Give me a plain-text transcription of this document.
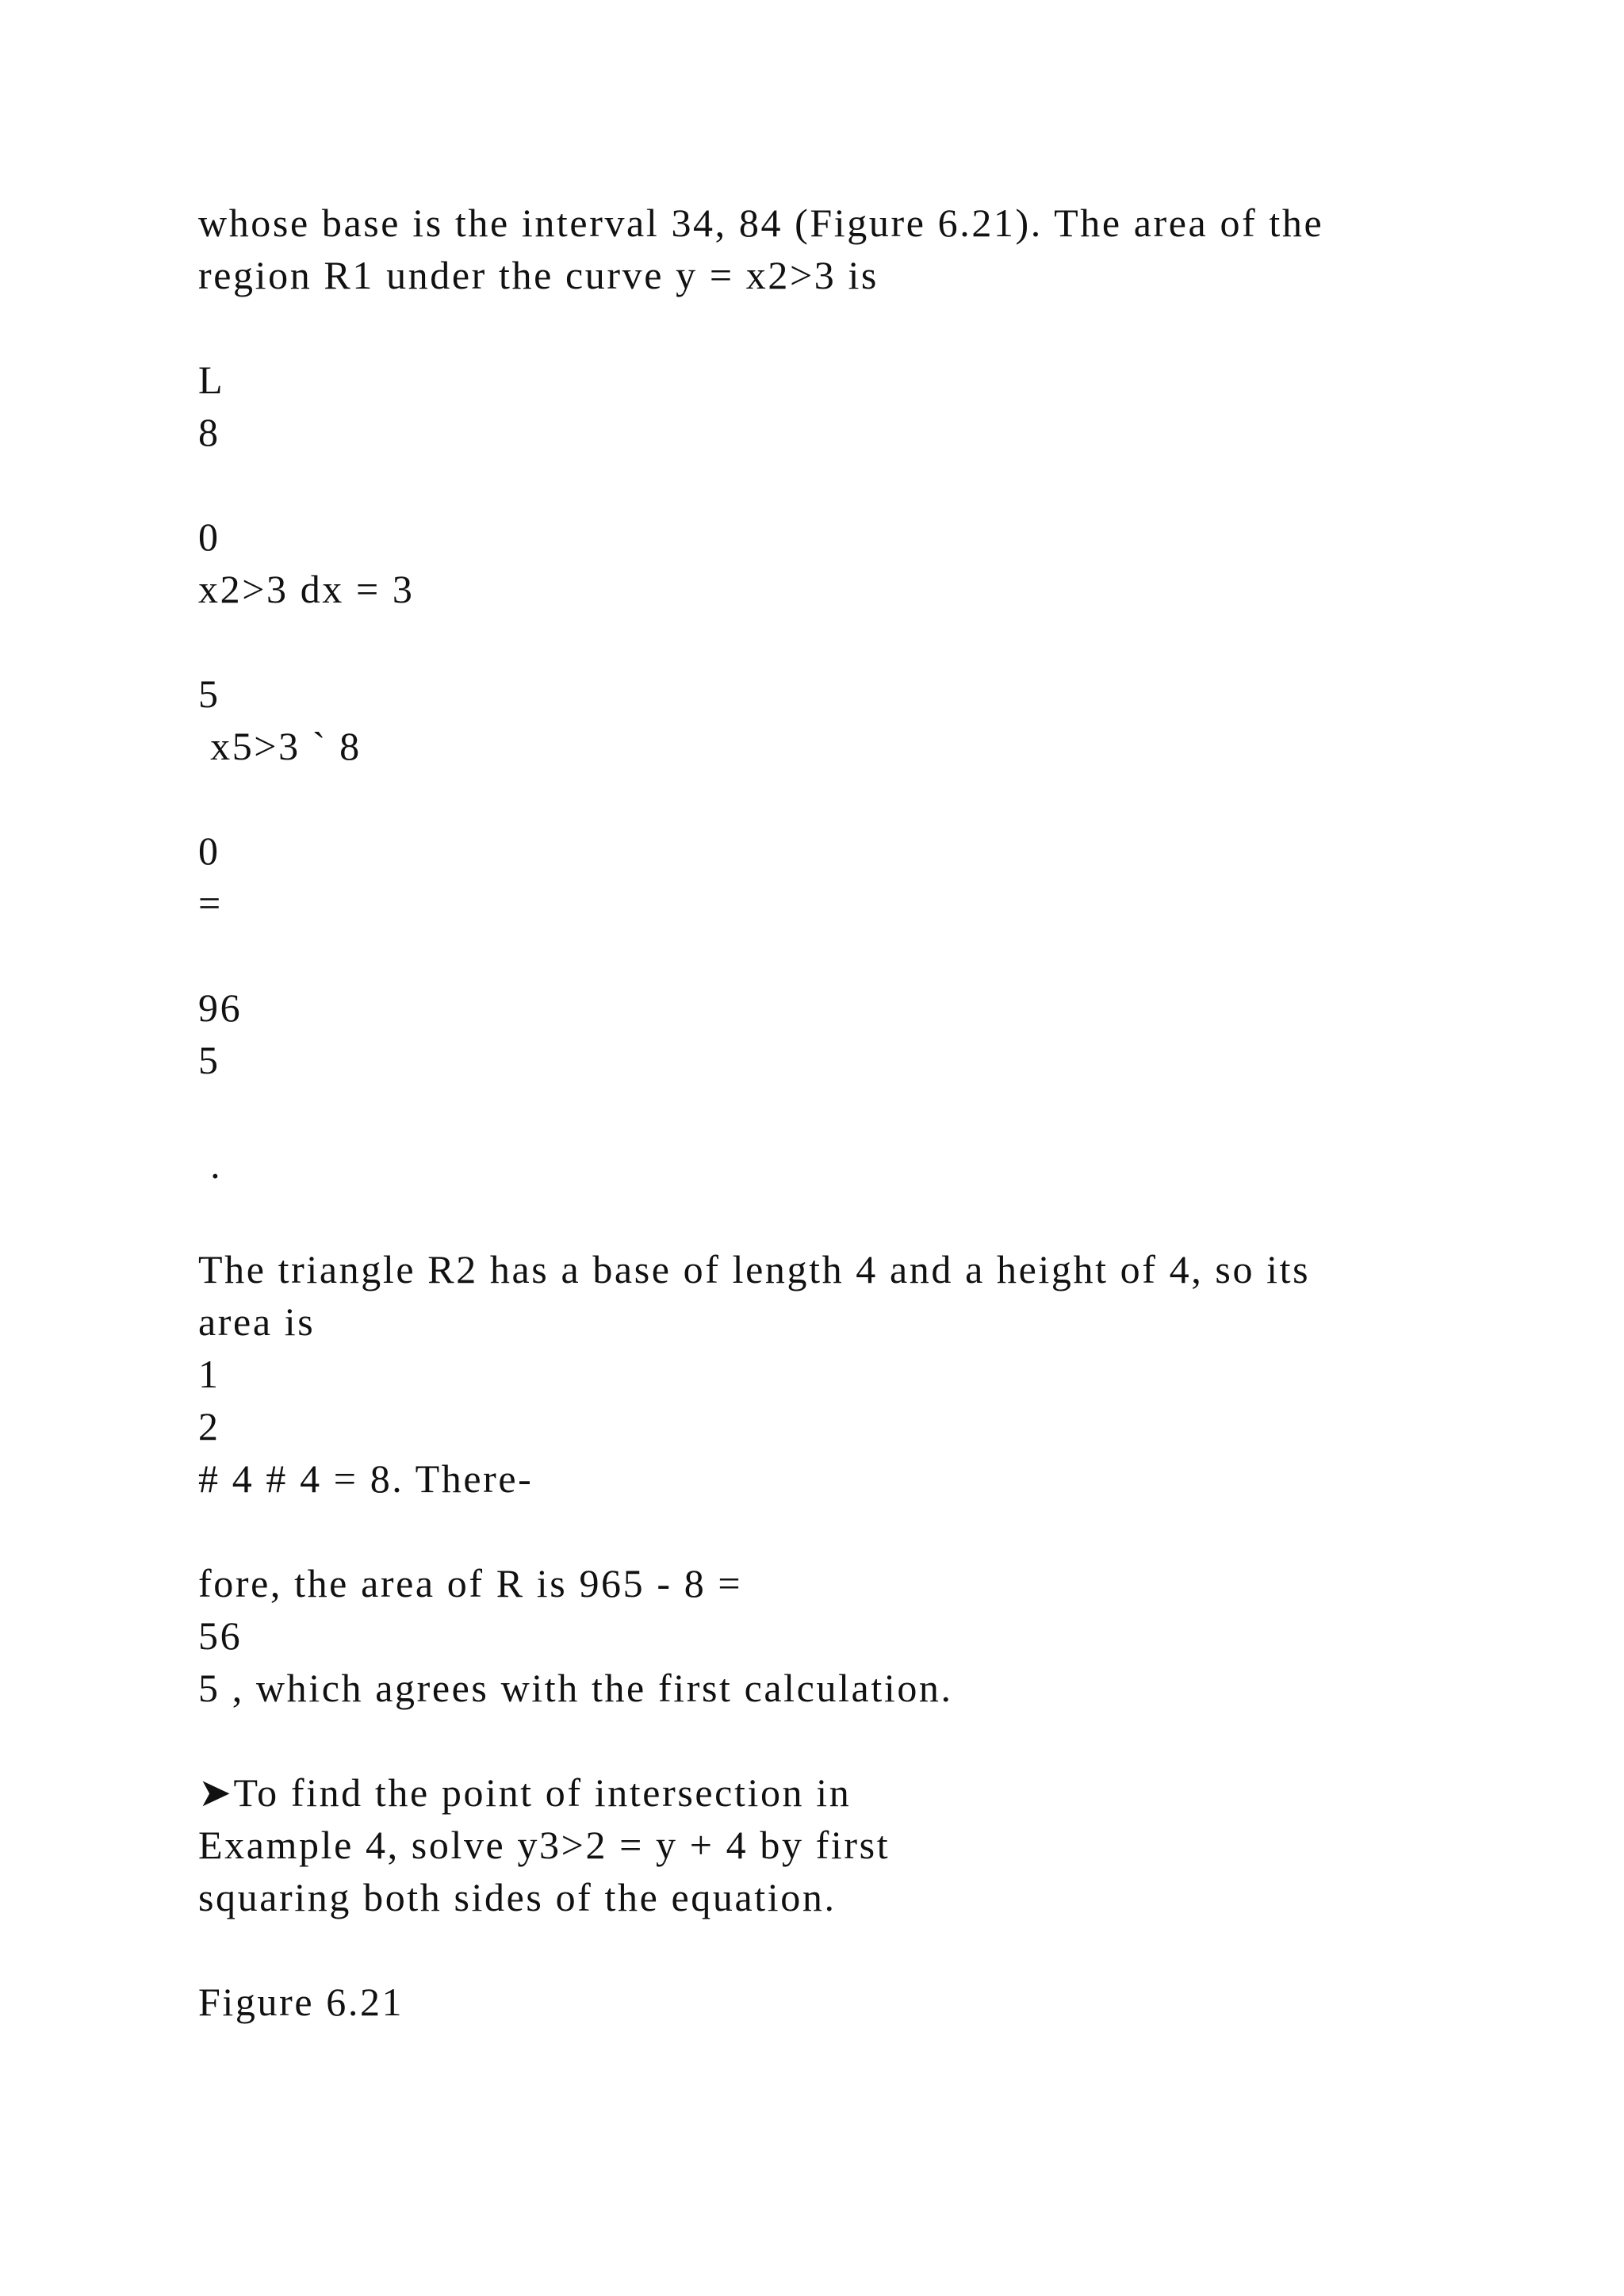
whose base is the interval 34, 84 (Figure 6.21). The area of the
region R1 under the curve y = x2>3 is
L
8
0
x2>3 dx = 3
5
x5>3 ` 8
0
=
96
5
.
The triangle R2 has a base of length 4 and a height of 4, so its
area is
1
2
# 4 # 4 = 8. There-
fore, the area of R is 965 - 8 =
56
5 , which agrees with the first calculation.
➤To find the point of intersection in
Example 4, solve y3>2 = y + 4 by first
squaring both sides of the equation.
Figure 6.21
